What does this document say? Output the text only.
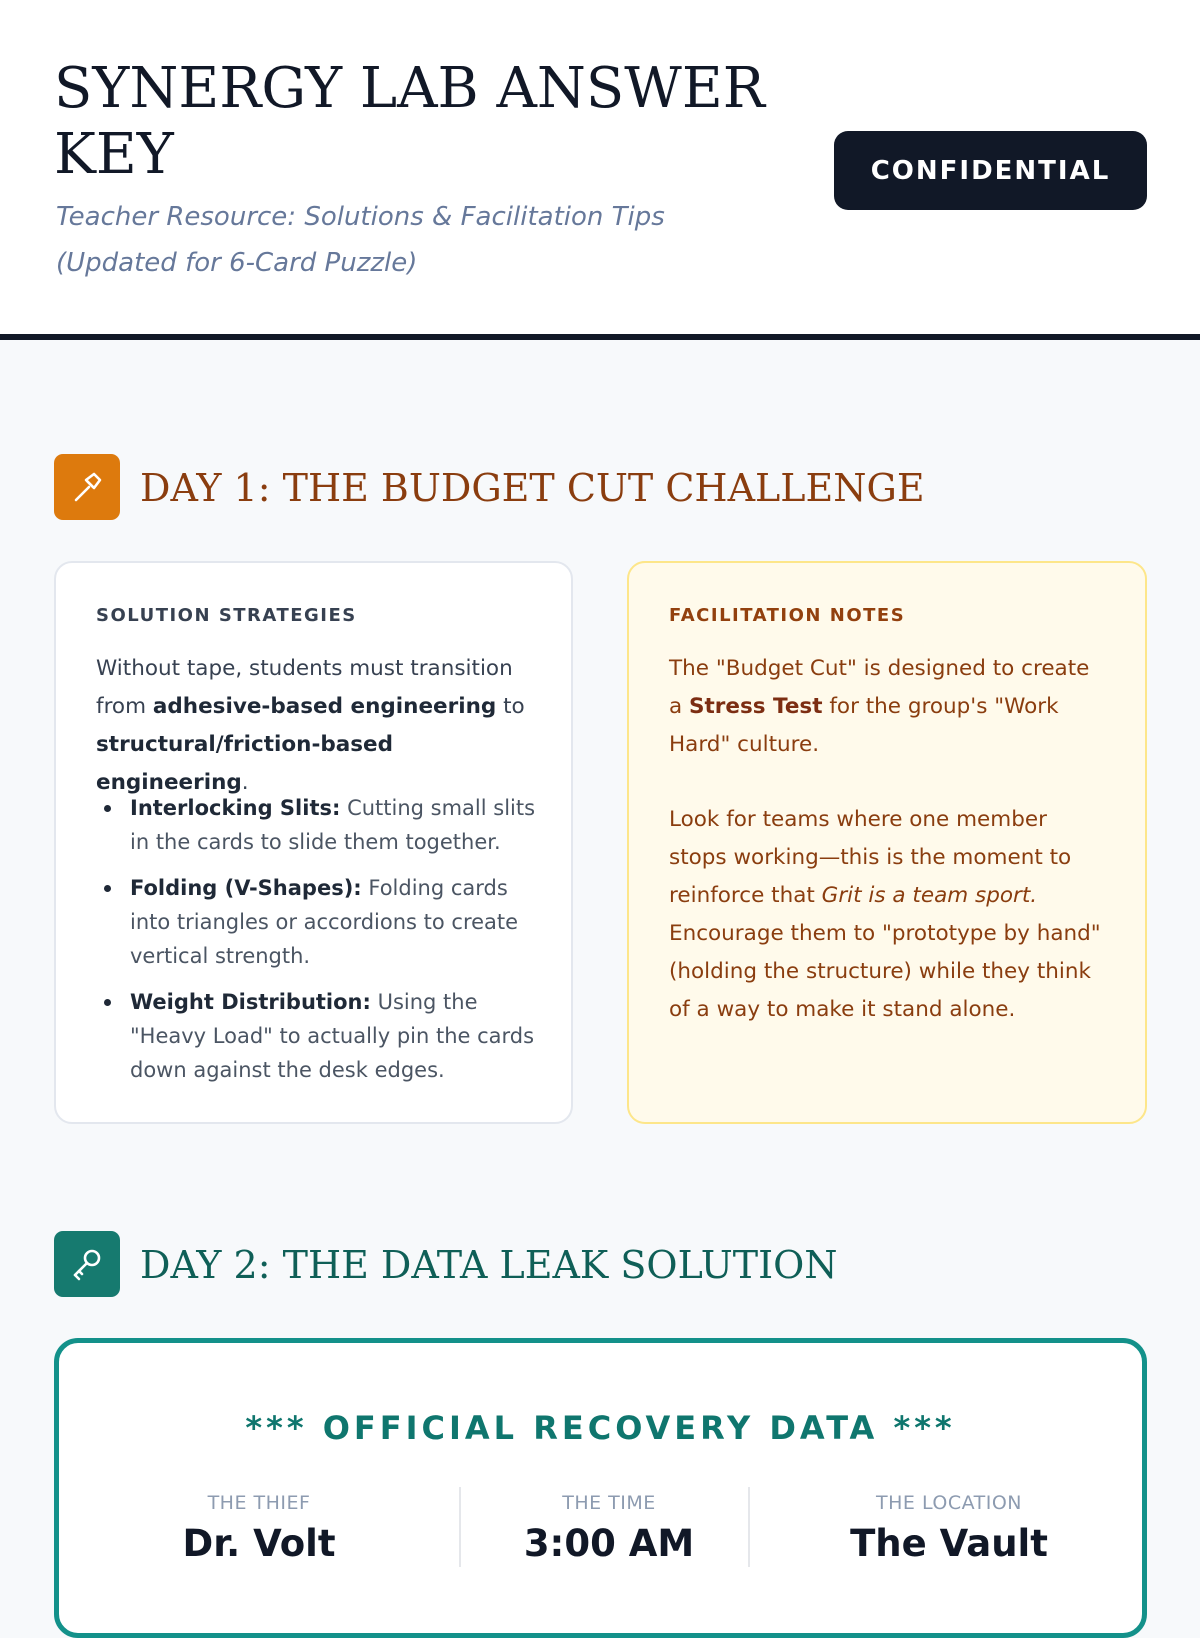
SYNERGY LAB ANSWER KEY

Teacher Resource: Solutions & Facilitation Tips (Updated for 6-Card Puzzle)

CONFIDENTIAL
DAY 1: THE BUDGET CUT CHALLENGE
SOLUTION STRATEGIES
Without tape, students must transition from adhesive-based engineering to structural/friction-based engineering.
Interlocking Slits: Cutting small slits in the cards to slide them together.
Folding (V-Shapes): Folding cards into triangles or accordions to create vertical strength.
Weight Distribution: Using the "Heavy Load" to actually pin the cards down against the desk edges.
FACILITATION NOTES
The "Budget Cut" is designed to create a Stress Test for the group's "Work Hard" culture.
Look for teams where one member stops working—this is the moment to reinforce that Grit is a team sport. Encourage them to "prototype by hand" (holding the structure) while they think of a way to make it stand alone.
DAY 2: THE DATA LEAK SOLUTION
*** OFFICIAL RECOVERY DATA ***
THE THIEF
Dr. Volt
THE TIME
3:00 AM
THE LOCATION
The Vault
